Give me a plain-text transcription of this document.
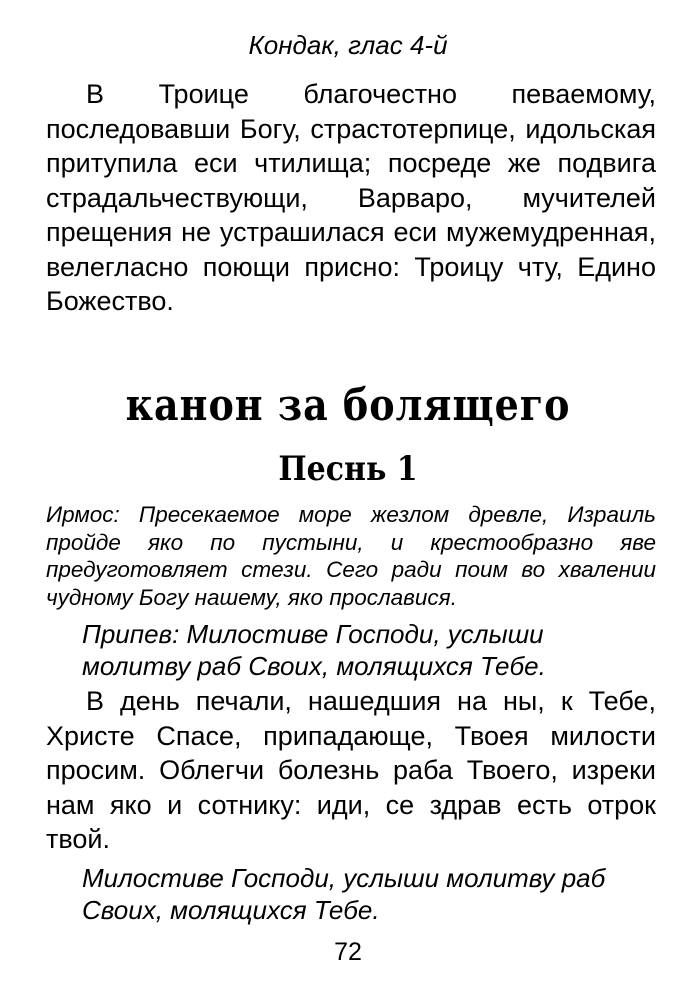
Кондак, глас 4-й
В Троице благочестно певаемому, последовавши Богу, страстотерпице, идольская притупила еси чтилища; посреде же подвига страдальчествующи, Варваро, мучителей прещения не устрашилася еси мужемудренная, велегласно поющи присно: Троицу чту, Едино Божество.
канон за болящего
Песнь 1
Ирмос: Пресекаемое море жезлом древле, Израиль пройде яко по пустыни, и крестообразно яве предуготовляет стези. Сего ради поим во хвалении чудному Богу нашему, яко прославися.
Припев: Милостиве Господи, услыши молитву раб Своих, молящихся Тебе.
В день печали, нашедшия на ны, к Тебе, Христе Спасе, припадающе, Твоея милости просим. Облегчи болезнь раба Твоего, изреки нам яко и сотнику: иди, се здрав есть отрок твой.
Милостиве Господи, услыши молитву раб Своих, молящихся Тебе.
72
